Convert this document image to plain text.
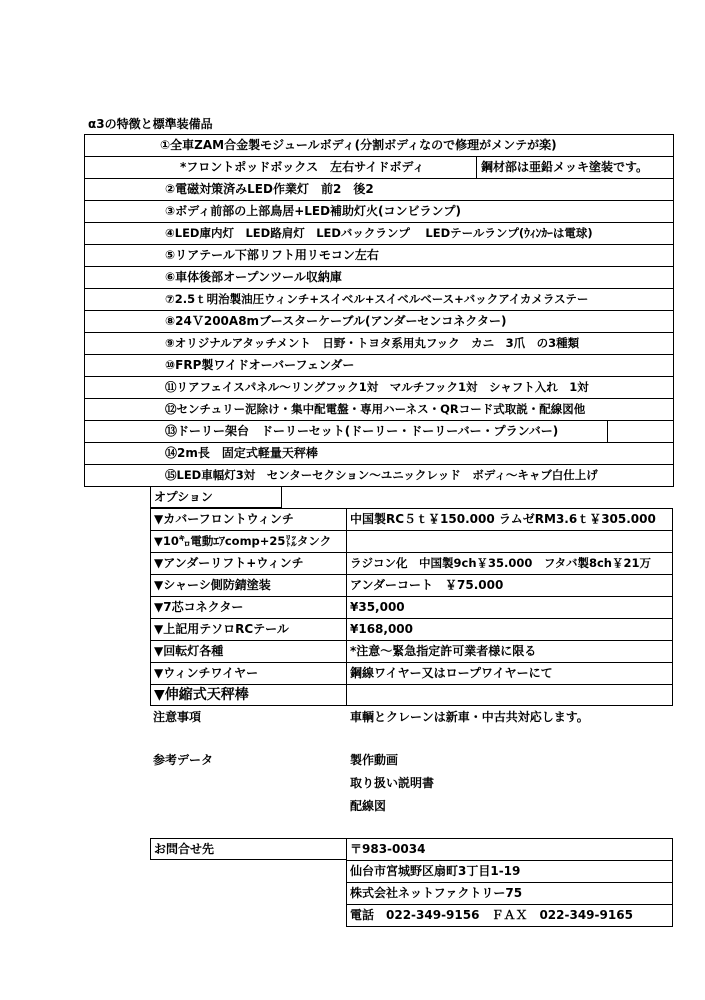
α3の特徴と標準装備品
①全車ZAM合金製モジュールボディ(分割ボディなので修理がメンテが楽)
*フロントポッドボックス　左右サイドボディ	鋼材部は亜鉛メッキ塗装です。
②電磁対策済みLED作業灯　前2　後2
③ボディ前部の上部鳥居+LED補助灯火(コンビランプ)
④LED庫内灯　LED路肩灯　LEDバックランプ　 LEDテールランプ(ｳｨﾝｶｰは電球)
⑤リアテール下部リフト用リモコン左右
⑥車体後部オープンツール収納庫
⑦2.5ｔ明治製油圧ウィンチ+スイベル+スイベルベース+バックアイカメラステー
⑧24Ｖ200A8mブースターケーブル(アンダーセンコネクター)
⑨オリジナルアタッチメント　日野・トヨタ系用丸フック　カニ　3爪　の3種類
⑩FRP製ワイドオーバーフェンダー
⑪リアフェイスパネル～リングフック1対　マルチフック1対　シャフト入れ　1対
⑫センチュリー泥除け・集中配電盤・専用ハーネス・QRコード式取説・配線図他
⑬ドーリー架台　ドーリーセット(ドーリー・ドーリーバー・プランバー)
⑭2m長　固定式軽量天秤棒
⑮LED車幅灯3対　センターセクション～ユニックレッド　ボディ～キャブ白仕上げ
オプション
▼カバーフロントウィンチ	中国製RC５ｔ￥150.000 ラムゼRM3.6ｔ￥305.000
▼10㌔電動ｴｱcomp+25㍑タンク
▼アンダーリフト+ウィンチ	ラジコン化　中国製9ch￥35.000　フタバ製8ch￥21万
▼シャーシ側防錆塗装	アンダーコート　￥75.000
▼7芯コネクター	¥35,000
▼上記用テソロRCテール	¥168,000
▼回転灯各種	*注意～緊急指定許可業者様に限る
▼ウィンチワイヤー	鋼線ワイヤー又はロープワイヤーにて
▼伸縮式天秤棒
注意事項	車輌とクレーンは新車・中古共対応します。
参考データ	製作動画
取り扱い説明書
配線図
お問合せ先	〒983-0034
仙台市宮城野区扇町3丁目1-19
株式会社ネットファクトリー75
電話　022-349-9156　ＦＡＸ　022-349-9165
